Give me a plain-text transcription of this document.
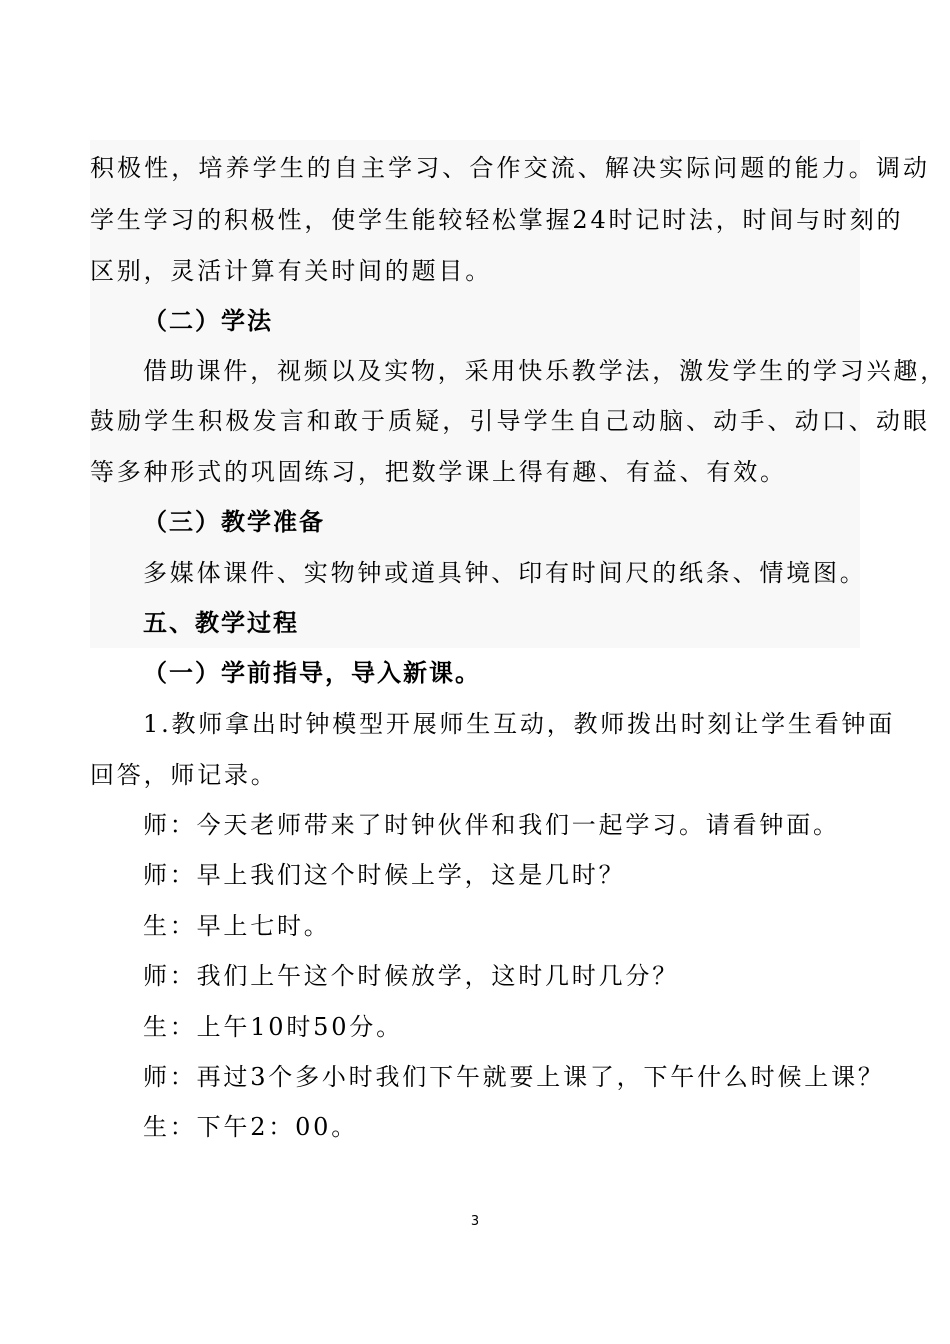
积极性，培养学生的自主学习、合作交流、解决实际问题的能力。调动
学生学习的积极性，使学生能较轻松掌握24时记时法，时间与时刻的
区别，灵活计算有关时间的题目。
（二）学法
借助课件，视频以及实物，采用快乐教学法，激发学生的学习兴趣，
鼓励学生积极发言和敢于质疑，引导学生自己动脑、动手、动口、动眼
等多种形式的巩固练习，把数学课上得有趣、有益、有效。
（三）教学准备
多媒体课件、实物钟或道具钟、印有时间尺的纸条、情境图。
五、教学过程
（一）学前指导，导入新课。
1.教师拿出时钟模型开展师生互动，教师拨出时刻让学生看钟面
回答，师记录。
师：今天老师带来了时钟伙伴和我们一起学习。请看钟面。
师：早上我们这个时候上学，这是几时？
生：早上七时。
师：我们上午这个时候放学，这时几时几分？
生：上午10时50分。
师：再过3个多小时我们下午就要上课了，下午什么时候上课？
生：下午2：00。
3
